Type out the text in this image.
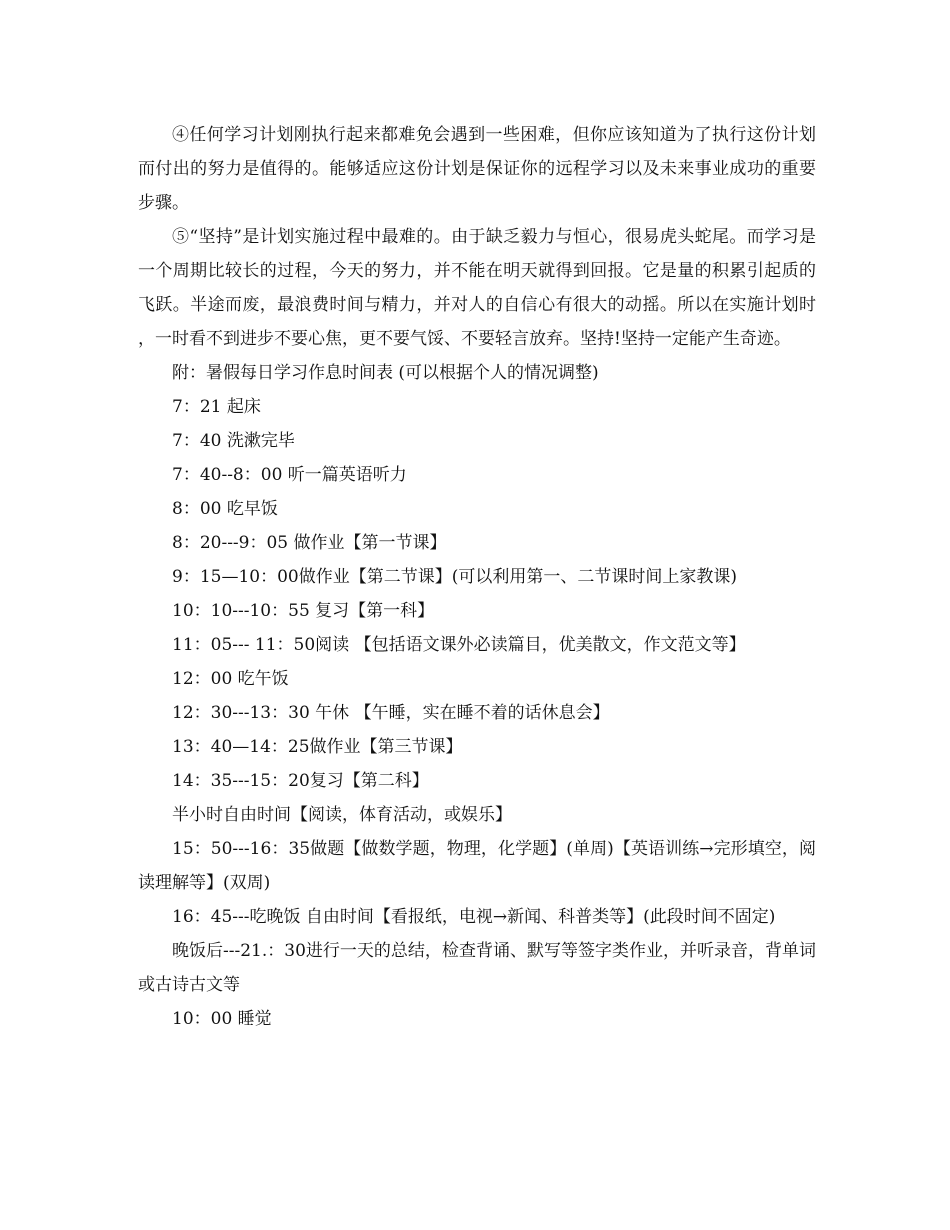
④任何学习计划刚执行起来都难免会遇到一些困难，但你应该知道为了执行这份计划而付出的努力是值得的。能够适应这份计划是保证你的远程学习以及未来事业成功的重要步骤。

⑤“坚持”是计划实施过程中最难的。由于缺乏毅力与恒心，很易虎头蛇尾。而学习是一个周期比较长的过程，今天的努力，并不能在明天就得到回报。它是量的积累引起质的飞跃。半途而废，最浪费时间与精力，并对人的自信心有很大的动摇。所以在实施计划时，一时看不到进步不要心焦，更不要气馁、不要轻言放弃。坚持!坚持一定能产生奇迹。

附：暑假每日学习作息时间表 (可以根据个人的情况调整)

7：21 起床

7：40 洗漱完毕

7：40--8：00 听一篇英语听力

8：00 吃早饭

8：20---9：05 做作业【第一节课】

9：15—10：00做作业【第二节课】(可以利用第一、二节课时间上家教课)

10：10---10：55 复习【第一科】

11：05--- 11：50阅读 【包括语文课外必读篇目，优美散文，作文范文等】

12：00 吃午饭

12：30---13：30 午休 【午睡，实在睡不着的话休息会】

13：40—14：25做作业【第三节课】

14：35---15：20复习【第二科】

半小时自由时间【阅读，体育活动，或娱乐】

15：50---16：35做题【做数学题，物理，化学题】(单周)【英语训练→完形填空，阅读理解等】(双周)

16：45---吃晚饭 自由时间【看报纸，电视→新闻、科普类等】(此段时间不固定)

晚饭后---21.：30进行一天的总结，检查背诵、默写等签字类作业，并听录音，背单词或古诗古文等

10：00 睡觉
